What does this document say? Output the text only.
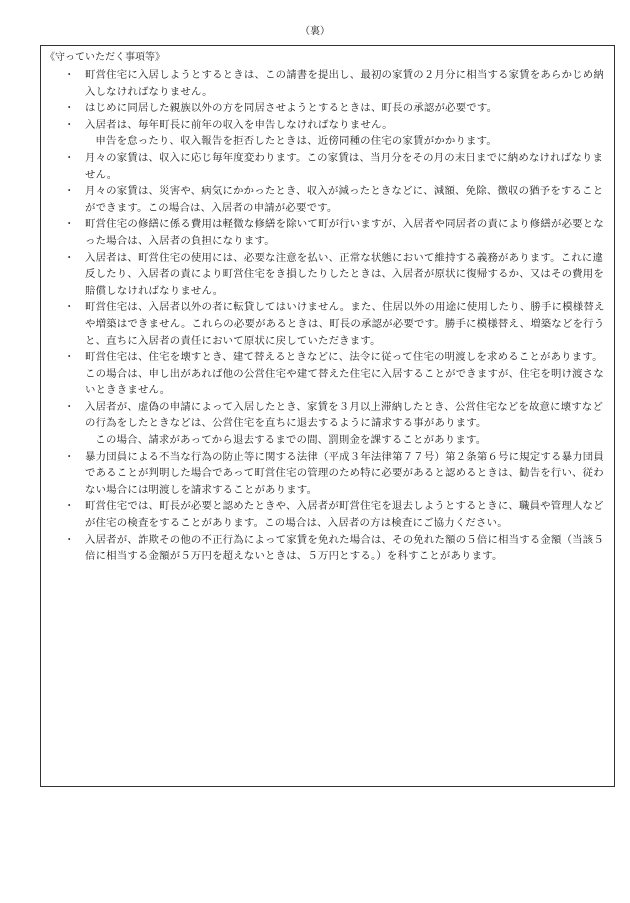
（裏）
《守っていただく事項等》
・ 町営住宅に入居しようとするときは、この請書を提出し、最初の家賃の２月分に相当する家賃をあらかじめ納入しなければなりません。
・ はじめに同居した親族以外の方を同居させようとするときは、町長の承認が必要です。
・ 入居者は、毎年町長に前年の収入を申告しなければなりません。
申告を怠ったり、収入報告を拒否したときは、近傍同種の住宅の家賃がかかります。
・ 月々の家賃は、収入に応じ毎年度変わります。この家賃は、当月分をその月の末日までに納めなければなりません。
・ 月々の家賃は、災害や、病気にかかったとき、収入が減ったときなどに、減額、免除、徴収の猶予をすることができます。この場合は、入居者の申請が必要です。
・ 町営住宅の修繕に係る費用は軽微な修繕を除いて町が行いますが、入居者や同居者の責により修繕が必要となった場合は、入居者の負担になります。
・ 入居者は、町営住宅の使用には、必要な注意を払い、正常な状態において維持する義務があります。これに違反したり、入居者の責により町営住宅をき損したりしたときは、入居者が原状に復帰するか、又はその費用を賠償しなければなりません。
・ 町営住宅は、入居者以外の者に転貸してはいけません。また、住居以外の用途に使用したり、勝手に模様替えや増築はできません。これらの必要があるときは、町長の承認が必要です。勝手に模様替え、増築などを行うと、直ちに入居者の責任において原状に戻していただきます。
・ 町営住宅は、住宅を壊すとき、建て替えるときなどに、法令に従って住宅の明渡しを求めることがあります。この場合は、申し出があれば他の公営住宅や建て替えた住宅に入居することができますが、住宅を明け渡さないとききません。
・ 入居者が、虚偽の申請によって入居したとき、家賃を３月以上滞納したとき、公営住宅などを故意に壊すなどの行為をしたときなどは、公営住宅を直ちに退去するように請求する事があります。
この場合、請求があってから退去するまでの間、罰則金を課することがあります。
・ 暴力団員による不当な行為の防止等に関する法律（平成３年法律第７７号）第２条第６号に規定する暴力団員であることが判明した場合であって町営住宅の管理のため特に必要があると認めるときは、勧告を行い、従わない場合には明渡しを請求することがあります。
・ 町営住宅では、町長が必要と認めたときや、入居者が町営住宅を退去しようとするときに、職員や管理人などが住宅の検査をすることがあります。この場合は、入居者の方は検査にご協力ください。
・ 入居者が、詐欺その他の不正行為によって家賃を免れた場合は、その免れた額の５倍に相当する金額（当該５倍に相当する金額が５万円を超えないときは、５万円とする。）を科すことがあります。
